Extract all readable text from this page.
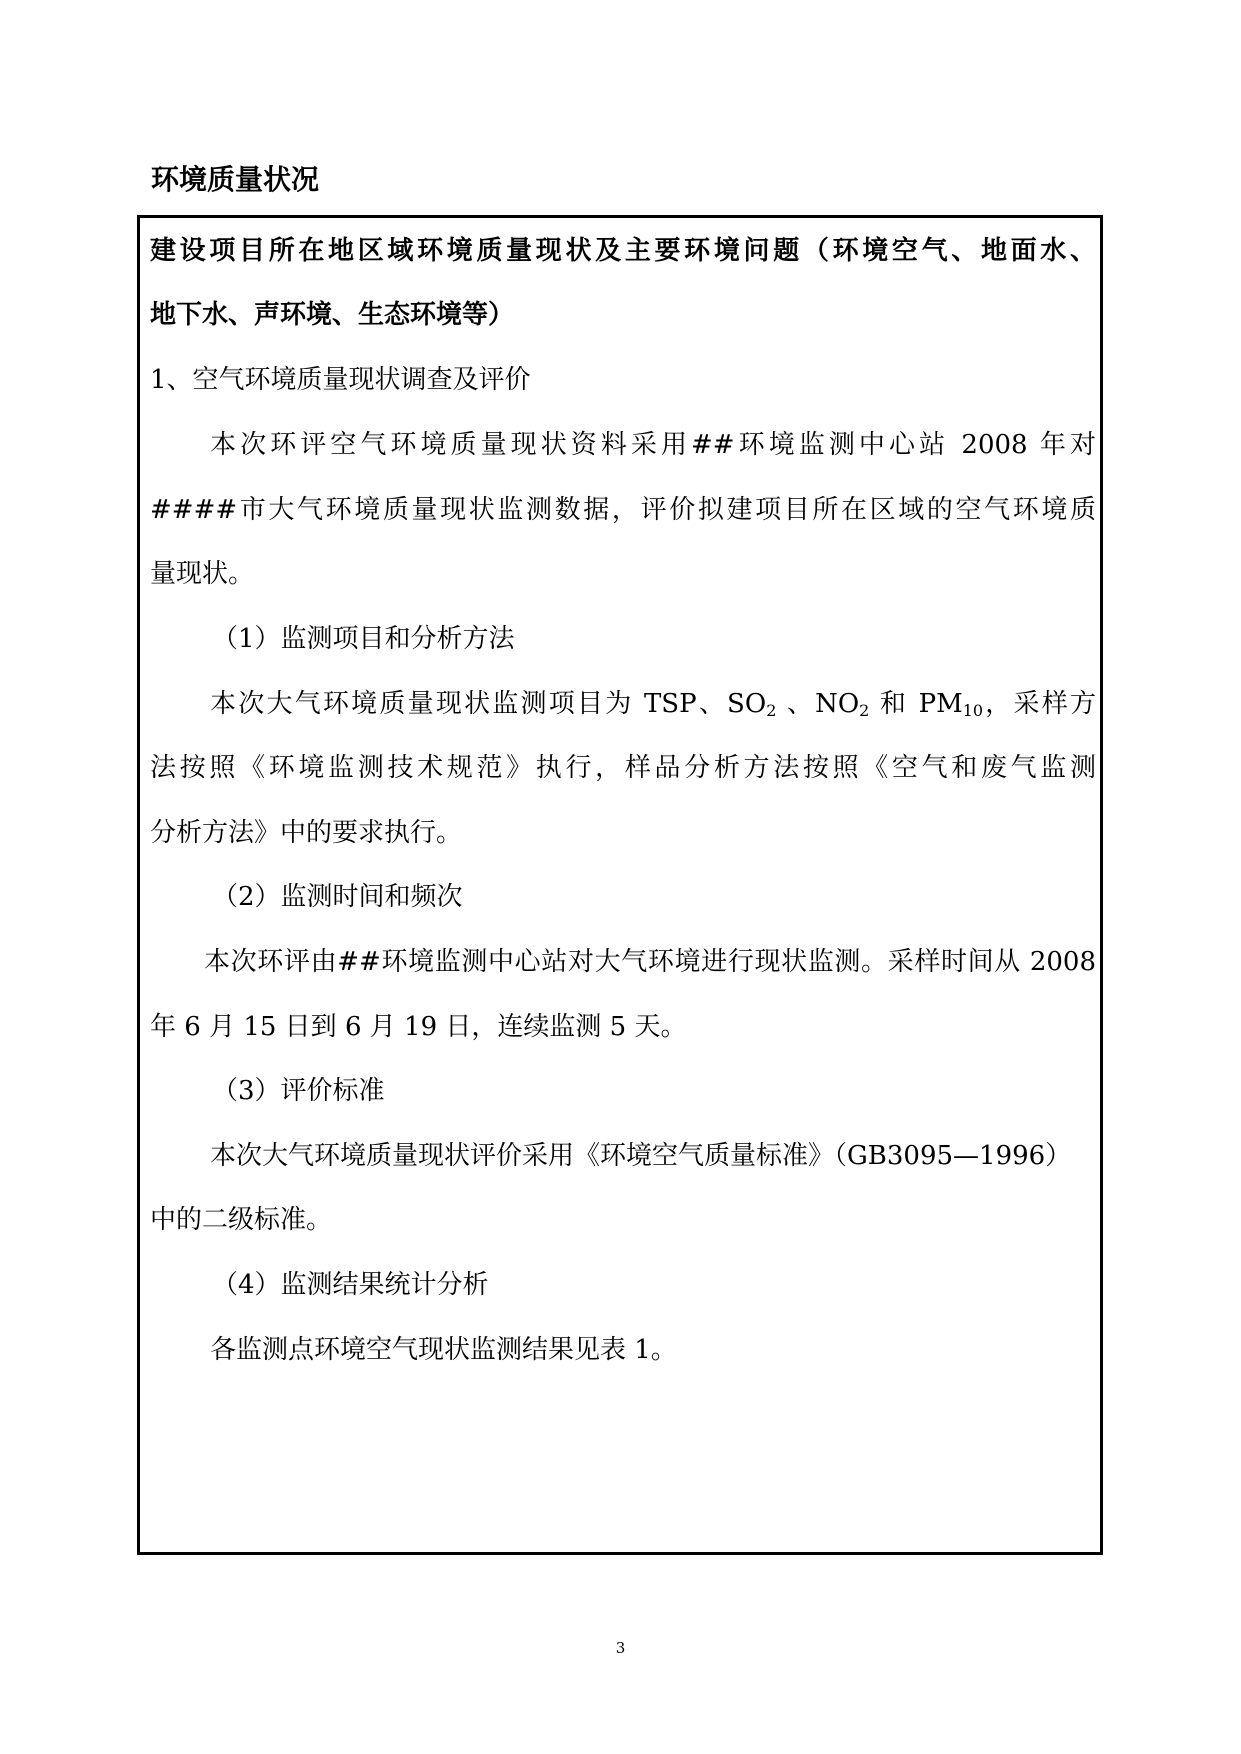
环境质量状况
建设项目所在地区域环境质量现状及主要环境问题（环境空气、地面水、
地下水、声环境、生态环境等）
1、空气环境质量现状调查及评价
本次环评空气环境质量现状资料采用##环境监测中心站 2008 年对
####市大气环境质量现状监测数据，评价拟建项目所在区域的空气环境质
量现状。
（1）监测项目和分析方法
本次大气环境质量现状监测项目为 TSP、$SO_2$ 、$NO_2$ 和 $PM_{10}$，采样方
法按照《环境监测技术规范》执行，样品分析方法按照《空气和废气监测
分析方法》中的要求执行。
（2）监测时间和频次
本次环评由##环境监测中心站对大气环境进行现状监测。采样时间从 2008
年 6 月 15 日到 6 月 19 日，连续监测 5 天。
（3）评价标准
本次大气环境质量现状评价采用《环境空气质量标准》（GB3095—1996）
中的二级标准。
（4）监测结果统计分析
各监测点环境空气现状监测结果见表 1。
3
